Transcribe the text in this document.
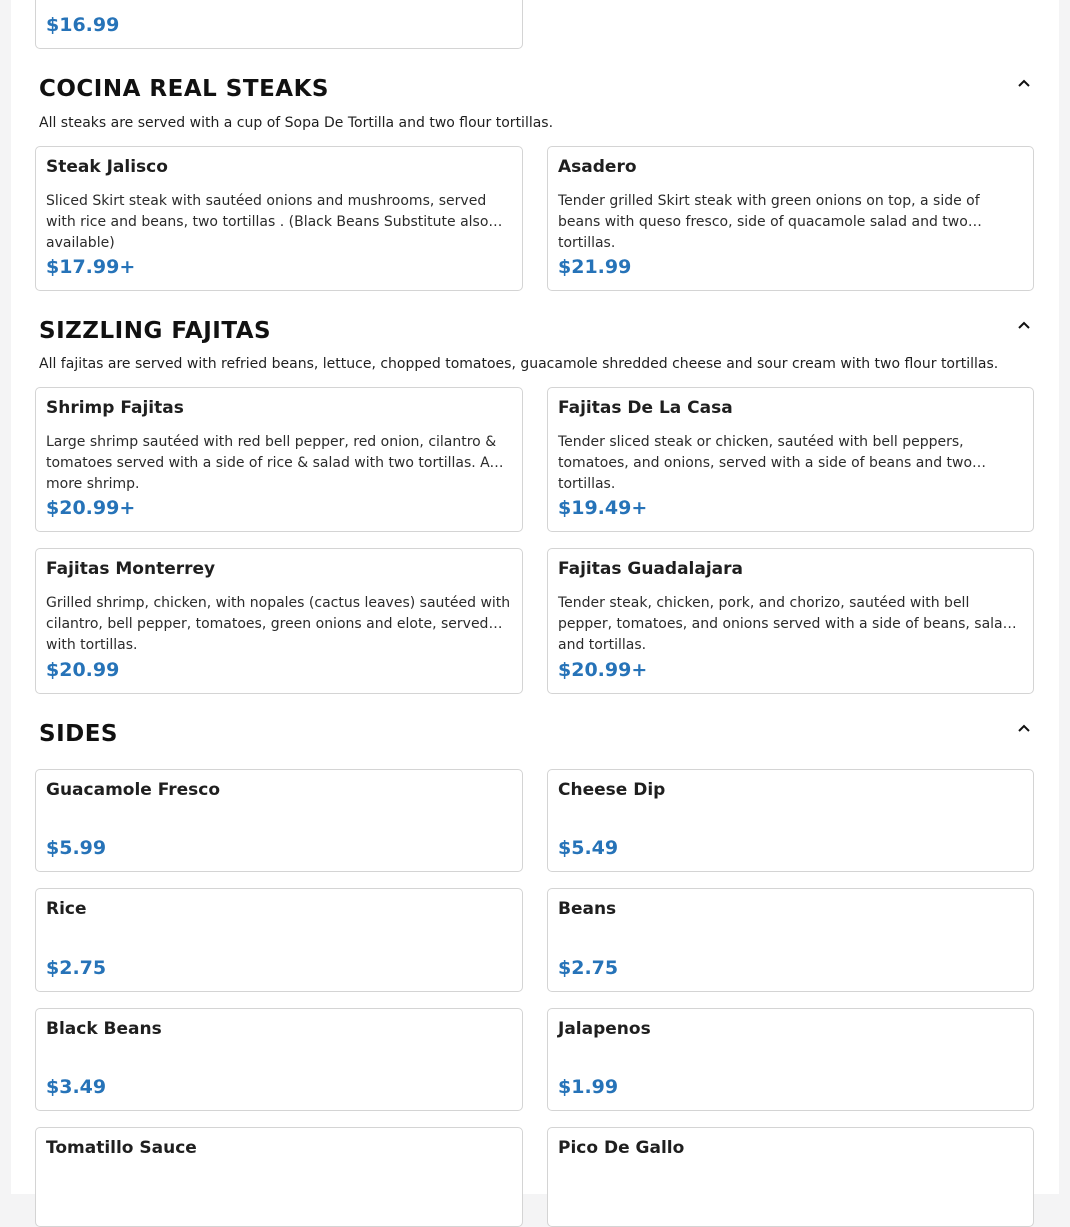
$16.99
COCINA REAL STEAKS
All steaks are served with a cup of Sopa De Tortilla and two flour tortillas.
Steak Jalisco
Sliced Skirt steak with sautéed onions and mushrooms, served with rice and beans, two tortillas . (Black Beans Substitute also available)
$17.99+
Asadero
Tender grilled Skirt steak with green onions on top, a side of beans with queso fresco, side of quacamole salad and two tortillas.
$21.99
SIZZLING FAJITAS
All fajitas are served with refried beans, lettuce, chopped tomatoes, guacamole shredded cheese and sour cream with two flour tortillas.
Shrimp Fajitas
Large shrimp sautéed with red bell pepper, red onion, cilantro & tomatoes served with a side of rice & salad with two tortillas. Add more shrimp.
$20.99+
Fajitas De La Casa
Tender sliced steak or chicken, sautéed with bell peppers, tomatoes, and onions, served with a side of beans and two tortillas.
$19.49+
Fajitas Monterrey
Grilled shrimp, chicken, with nopales (cactus leaves) sautéed with cilantro, bell pepper, tomatoes, green onions and elote, served with tortillas.
$20.99
Fajitas Guadalajara
Tender steak, chicken, pork, and chorizo, sautéed with bell pepper, tomatoes, and onions served with a side of beans, salad and tortillas.
$20.99+
SIDES
Guacamole Fresco
$5.99
Cheese Dip
$5.49
Rice
$2.75
Beans
$2.75
Black Beans
$3.49
Jalapenos
$1.99
Tomatillo Sauce	Pico De Gallo
